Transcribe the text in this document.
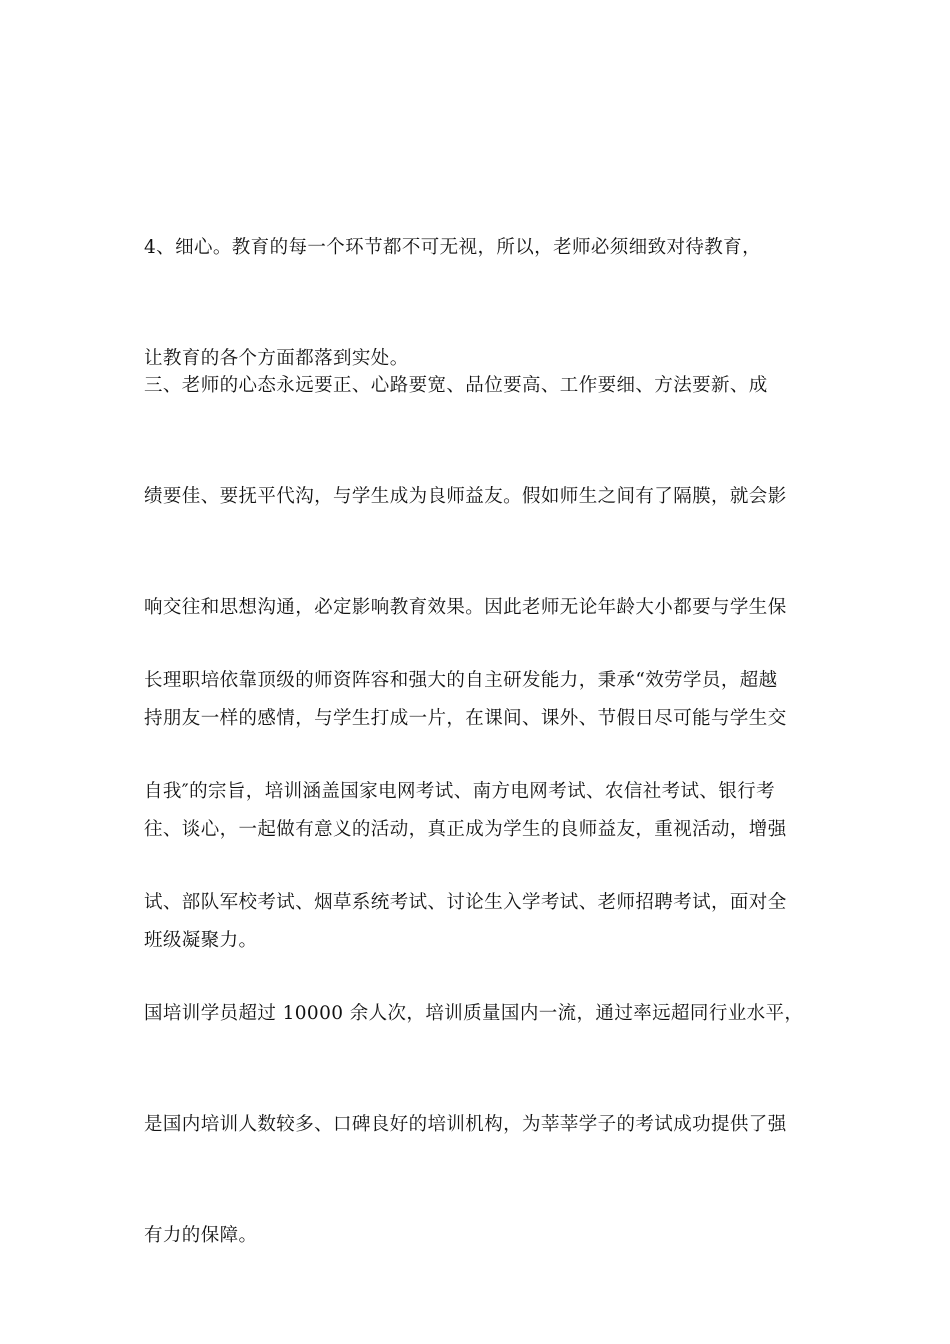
4、细心。教育的每一个环节都不可无视，所以，老师必须细致对待教育，

让教育的各个方面都落到实处。

三、老师的心态永远要正、心路要宽、品位要高、工作要细、方法要新、成

绩要佳、要抚平代沟，与学生成为良师益友。假如师生之间有了隔膜，就会影

响交往和思想沟通，必定影响教育效果。因此老师无论年龄大小都要与学生保

持朋友一样的感情，与学生打成一片，在课间、课外、节假日尽可能与学生交

往、谈心，一起做有意义的活动，真正成为学生的良师益友，重视活动，增强

班级凝聚力。

长理职培依靠顶级的师资阵容和强大的自主研发能力，秉承“效劳学员，超越

自我″的宗旨，培训涵盖国家电网考试、南方电网考试、农信社考试、银行考

试、部队军校考试、烟草系统考试、讨论生入学考试、老师招聘考试，面对全

国培训学员超过 10000 余人次，培训质量国内一流，通过率远超同行业水平，

是国内培训人数较多、口碑良好的培训机构，为莘莘学子的考试成功提供了强

有力的保障。
